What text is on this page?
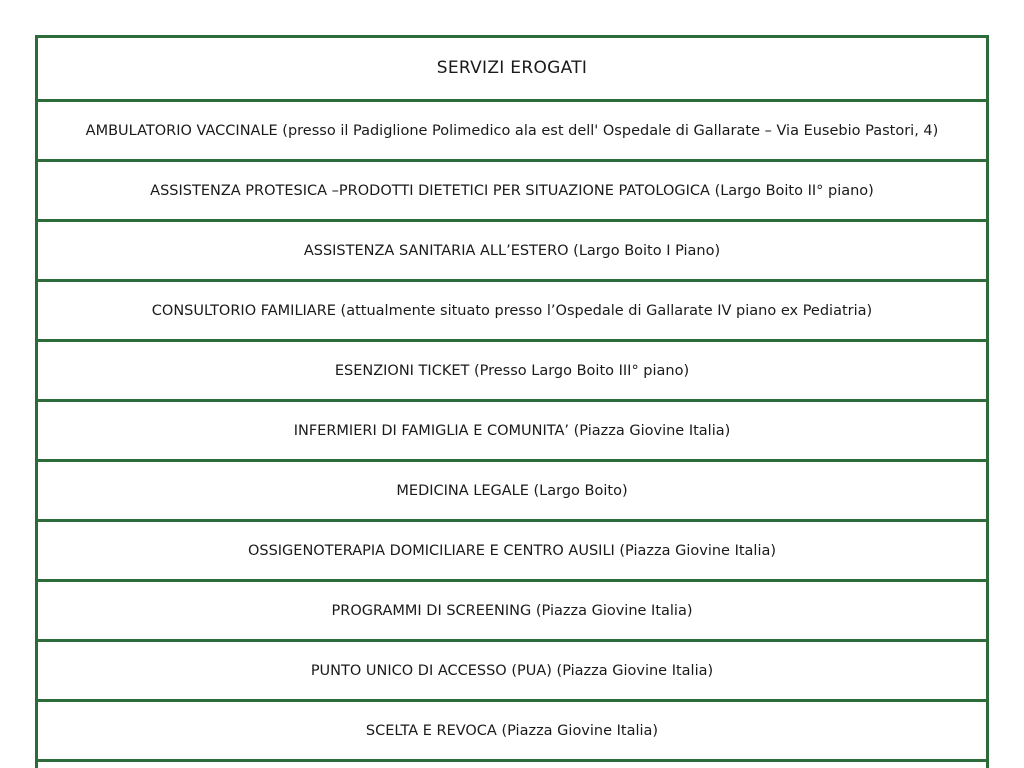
SERVIZI EROGATI
AMBULATORIO VACCINALE (presso il Padiglione Polimedico ala est dell' Ospedale di Gallarate – Via Eusebio Pastori, 4)
ASSISTENZA PROTESICA –PRODOTTI DIETETICI PER SITUAZIONE PATOLOGICA (Largo Boito II° piano)
ASSISTENZA SANITARIA ALL’ESTERO (Largo Boito I Piano)
CONSULTORIO FAMILIARE (attualmente situato presso l’Ospedale di Gallarate IV piano ex Pediatria)
ESENZIONI TICKET (Presso Largo Boito III° piano)
INFERMIERI DI FAMIGLIA E COMUNITA’ (Piazza Giovine Italia)
MEDICINA LEGALE (Largo Boito)
OSSIGENOTERAPIA DOMICILIARE E CENTRO AUSILI (Piazza Giovine Italia)
PROGRAMMI DI SCREENING (Piazza Giovine Italia)
PUNTO UNICO DI ACCESSO (PUA) (Piazza Giovine Italia)
SCELTA E REVOCA (Piazza Giovine Italia)
